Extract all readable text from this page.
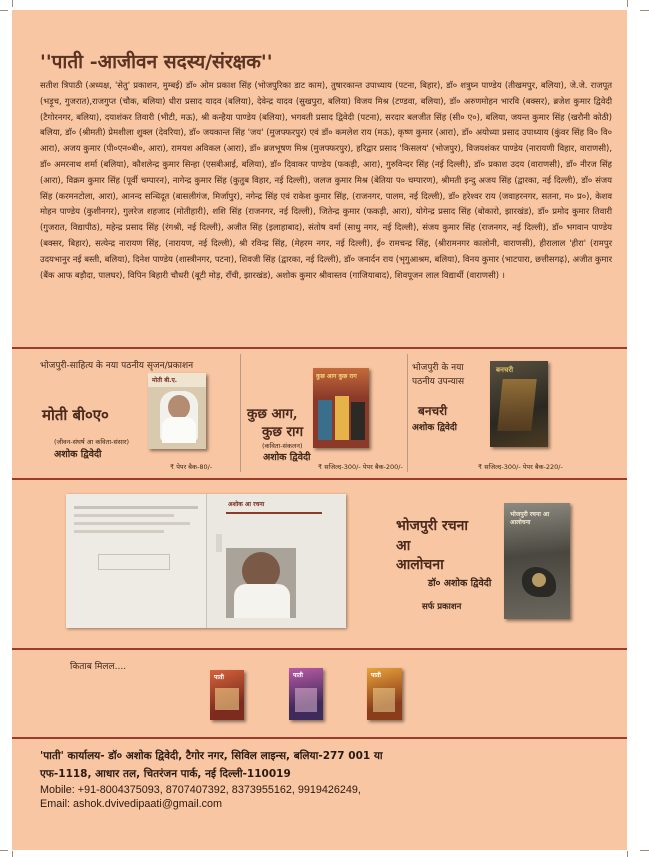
''पाती -आजीवन सदस्य/संरक्षक''
सतीश त्रिपाठी (अध्यक्ष, 'सेतु' प्रकाशन, मुम्बई) डॉ० ओम प्रकाश सिंह (भोजपुरिका डाट काम), तुषारकान्त उपाध्याय (पटना, बिहार), डॉ० शत्रुघ्न पाण्डेय (तीखमपुर, बलिया), जे.जे. राजपूत (भड़ूच, गुजरात),राजगुप्त (चौक, बलिया) धीरा प्रसाद यादव (बलिया), देवेन्द्र यादव (सुखपुरा, बलिया) विजय मिश्र (टण्डवा, बलिया), डॉ० अरुणमोहन भारवि (बक्सर), ब्रजेश कुमार द्विवेदी (टैगोरनगर, बलिया), दयाशंकर तिवारी (भीटी, मऊ), श्री कन्हैया पाण्डेय (बलिया), भगवती प्रसाद द्विवेदी (पटना), सरदार बलजीत सिंह (सी० ए०), बलिया, जयन्त कुमार सिंह (खरौनी कोठी) बलिया, डॉ० (श्रीमती) प्रेमशीला शुक्ल (देवरिया), डॉ० जयकान्त सिंह 'जय' (मुजफ्फरपुर) एवं डॉ० कमलेश राय (मऊ), कृष्ण कुमार (आरा), डॉ० अयोध्या प्रसाद उपाध्याय (कुंवर सिंह वि० वि० आरा), अजय कुमार (पी०एन०बी०, आरा), रामयश अविकल (आरा), डॉ० ब्रजभूषण मिश्र (मुजफ्फरपुर), हरिद्वार प्रसाद 'किसलय' (भोजपुर), विजयशंकर पाण्डेय (नारायणी विहार, वाराणसी), डॉ० अमरनाथ शर्मा (बलिया), कौशलेन्द्र कुमार सिन्हा (एसबीआई, बलिया), डॉ० दिवाकर पाण्डेय (फकड़ी, आरा), गुरुविन्दर सिंह (नई दिल्ली), डॉ० प्रकाश उदय (वाराणसी), डॉ० नीरज सिंह (आरा), विक्रम कुमार सिंह (पूर्वी चम्पारन), नागेन्द्र कुमार सिंह (कुतुब विहार, नई दिल्ली), जलज कुमार मिश्र (बेतिया प० चम्पारण), श्रीमती इन्दु अजय सिंह (द्वारका, नई दिल्ली), डॉ० संजय सिंह (करमनटोला, आरा), आनन्द सन्धिदूत (बासलीगंज, मिर्जापुर), नगेन्द्र सिंह एवं राकेश कुमार सिंह, (राजनगर, पालम, नई दिल्ली), डॉ० हरेश्वर राय (जवाहरनगर, सतना, म० प्र०), केशव मोहन पाण्डेय (कुशीनगर), गुलरेज शहजाद (मोतीहारी), शशि सिंह (राजनगर, नई दिल्ली), जितेन्द्र कुमार (फकड़ी, आरा), योगेन्द्र प्रसाद सिंह (बोकारो, झारखंड), डॉ० प्रमोद कुमार तिवारी (गुजरात, विद्यापीठ), महेन्द्र प्रसाद सिंह (रंगश्री, नई दिल्ली), अजीत सिंह (इलाहाबाद), संतोष वर्मा (साधु नगर, नई दिल्ली), संजय कुमार सिंह (राजनगर, नई दिल्ली), डॉ० भगवान पाण्डेय (बक्सर, बिहार), सत्येन्द्र नारायण सिंह, (नारायण, नई दिल्ली), श्री रविन्द्र सिंह, (मेहरम नगर, नई दिल्ली), ई० रामचन्द्र सिंह, (श्रीरामनगर कालोनी, वाराणसी), हीरालाल 'हीरा' (रामपुर उदयभानुर नई बस्ती, बलिया), दिनेश पाण्डेय (शास्त्रीनगर, पटना), शिवजी सिंह (द्वारका, नई दिल्ली), डॉ० जनार्दन राय (भृगुआश्रम, बलिया), विनय कुमार (भाटपारा, छत्तीसगढ़), अजीत कुमार (बैंक आफ बड़ौदा, पालघर), विपिन बिहारी चौधरी (बूटी मोड़, राँची, झारखंड), अशोक कुमार श्रीवास्तव (गाजियाबाद), शिवपूजन लाल विद्यार्थी (वाराणसी) ।
भोजपुरी-साहित्य के नया पठनीय सृजन/प्रकाशन
मोती बी.ए.
मोती बी०ए०
(जीवन-संघर्ष आ कविता-संसार)
अशोक द्विवेदी
₹ पेपर बैक-80/-
कुछ आग कुछ राग
कुछ आग,
कुछ राग
(कविता-संकलन)
अशोक द्विवेदी
₹ सजिल्द-300/- पेपर बैक-200/-
भोजपुरी के नया
पठनीय उपन्यास
बनचरी
अशोक द्विवेदी
बनचरी
₹ सजिल्द-300/- पेपर बैक-220/-
अशोक आ रचना
भोजपुरी रचना
आ
आलोचना
डॉ० अशोक द्विवेदी
सर्फ प्रकाशन
भोजपुरी रचना आ आलोचना
किताब मिलल....
पाती	पाती	पाती
'पाती' कार्यालय- डॉ० अशोक द्विवेदी, टैगोर नगर, सिविल लाइन्स, बलिया-277 001 या
एफ-1118, आधार तल, चितरंजन पार्क, नई दिल्ली-110019
Mobile: +91-8004375093, 8707407392, 8373955162, 9919426249,
Email: ashok.dvivedipaati@gmail.com
